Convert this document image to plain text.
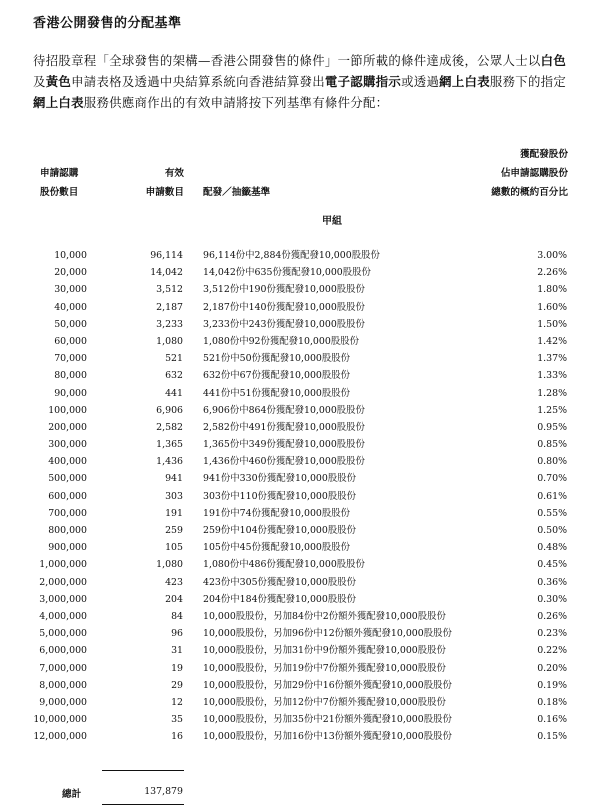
香港公開發售的分配基準
待招股章程「全球發售的架構—香港公開發售的條件」一節所載的條件達成後，公眾人士以白色及黃色申請表格及透過中央結算系統向香港結算發出電子認購指示或透過網上白表服務下的指定網上白表服務供應商作出的有效申請將按下列基準有條件分配：
申請認購
股份數目
有效
申請數目 配發／抽籤基準
獲配發股份
佔申請認購股份
總數的概約百分比
甲組
10,000	96,114 96,114份中2,884份獲配發10,000股股份	3.00%
20,000	14,042 14,042份中635份獲配發10,000股股份	2.26%
30,000	3,512 3,512份中190份獲配發10,000股股份	1.80%
40,000	2,187 2,187份中140份獲配發10,000股股份	1.60%
50,000	3,233 3,233份中243份獲配發10,000股股份	1.50%
60,000	1,080 1,080份中92份獲配發10,000股股份	1.42%
70,000	521 521份中50份獲配發10,000股股份	1.37%
80,000	632 632份中67份獲配發10,000股股份	1.33%
90,000	441 441份中51份獲配發10,000股股份	1.28%
100,000	6,906 6,906份中864份獲配發10,000股股份	1.25%
200,000	2,582 2,582份中491份獲配發10,000股股份	0.95%
300,000	1,365 1,365份中349份獲配發10,000股股份	0.85%
400,000	1,436 1,436份中460份獲配發10,000股股份	0.80%
500,000	941 941份中330份獲配發10,000股股份	0.70%
600,000	303 303份中110份獲配發10,000股股份	0.61%
700,000	191 191份中74份獲配發10,000股股份	0.55%
800,000	259 259份中104份獲配發10,000股股份	0.50%
900,000	105 105份中45份獲配發10,000股股份	0.48%
1,000,000	1,080 1,080份中486份獲配發10,000股股份	0.45%
2,000,000	423 423份中305份獲配發10,000股股份	0.36%
3,000,000	204 204份中184份獲配發10,000股股份	0.30%
4,000,000	84 10,000股股份，另加84份中2份額外獲配發10,000股股份	0.26%
5,000,000	96 10,000股股份，另加96份中12份額外獲配發10,000股股份	0.23%
6,000,000	31 10,000股股份，另加31份中9份額外獲配發10,000股股份	0.22%
7,000,000	19 10,000股股份，另加19份中7份額外獲配發10,000股股份	0.20%
8,000,000	29 10,000股股份，另加29份中16份額外獲配發10,000股股份	0.19%
9,000,000	12 10,000股股份，另加12份中7份額外獲配發10,000股股份	0.18%
10,000,000	35 10,000股股份，另加35份中21份額外獲配發10,000股股份	0.16%
12,000,000	16 10,000股股份，另加16份中13份額外獲配發10,000股股份	0.15%
總計	137,879
